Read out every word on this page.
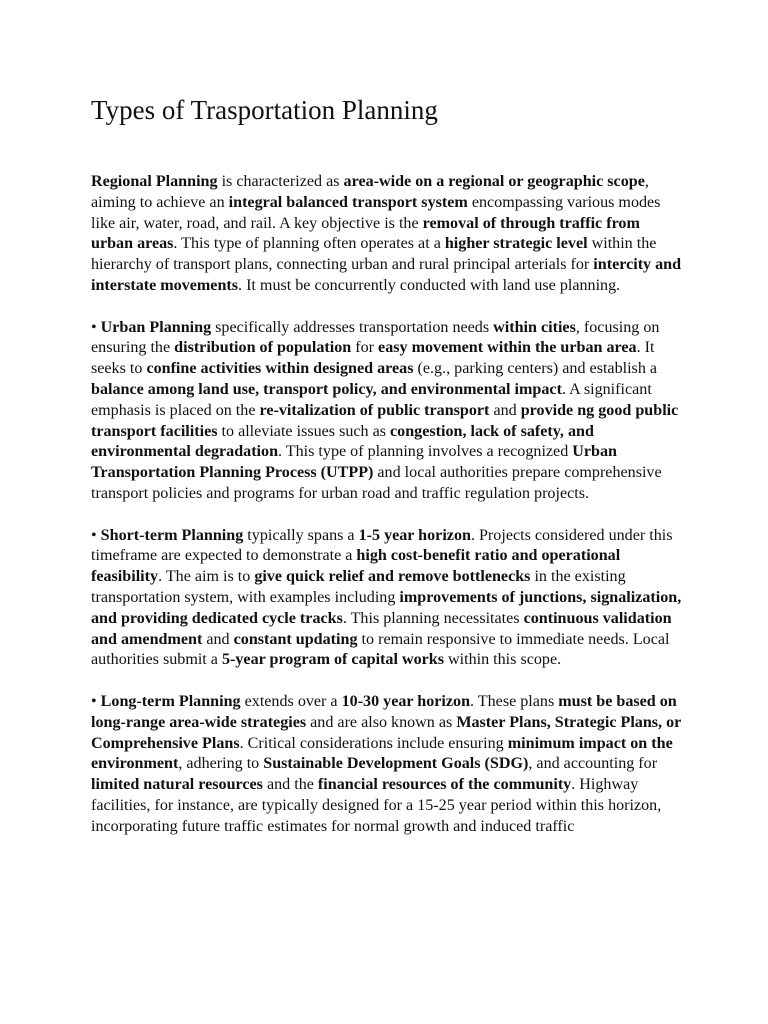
Types of Trasportation Planning

Regional Planning is characterized as area-wide on a regional or geographic scope, aiming to achieve an integral balanced transport system encompassing various modes like air, water, road, and rail. A key objective is the removal of through traffic from urban areas. This type of planning often operates at a higher strategic level within the hierarchy of transport plans, connecting urban and rural principal arterials for intercity and interstate movements. It must be concurrently conducted with land use planning.

• Urban Planning specifically addresses transportation needs within cities, focusing on ensuring the distribution of population for easy movement within the urban area. It seeks to confine activities within designed areas (e.g., parking centers) and establish a balance among land use, transport policy, and environmental impact. A significant emphasis is placed on the re-vitalization of public transport and provide ng good public transport facilities to alleviate issues such as congestion, lack of safety, and environmental degradation. This type of planning involves a recognized Urban Transportation Planning Process (UTPP) and local authorities prepare comprehensive transport policies and programs for urban road and traffic regulation projects.

• Short-term Planning typically spans a 1-5 year horizon. Projects considered under this timeframe are expected to demonstrate a high cost-benefit ratio and operational feasibility. The aim is to give quick relief and remove bottlenecks in the existing transportation system, with examples including improvements of junctions, signalization, and providing dedicated cycle tracks. This planning necessitates continuous validation and amendment and constant updating to remain responsive to immediate needs. Local authorities submit a 5-year program of capital works within this scope.

• Long-term Planning extends over a 10-30 year horizon. These plans must be based on long-range area-wide strategies and are also known as Master Plans, Strategic Plans, or Comprehensive Plans. Critical considerations include ensuring minimum impact on the environment, adhering to Sustainable Development Goals (SDG), and accounting for limited natural resources and the financial resources of the community. Highway facilities, for instance, are typically designed for a 15-25 year period within this horizon, incorporating future traffic estimates for normal growth and induced traffic
